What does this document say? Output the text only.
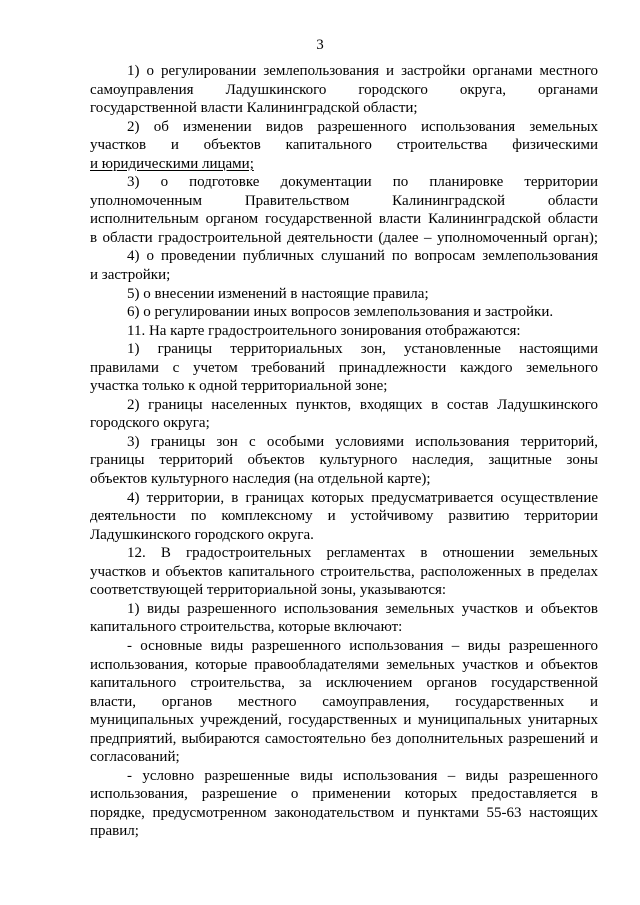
3
1) о регулировании землепользования и застройки органами местного
самоуправления Ладушкинского городского округа, органами
государственной власти Калининградской области;
2) об изменении видов разрешенного использования земельных
участков и объектов капитального строительства физическими
и юридическими лицами;
3) о подготовке документации по планировке территории
уполномоченным Правительством Калининградской области
исполнительным органом государственной власти Калининградской области
в области градостроительной деятельности (далее – уполномоченный орган);
4) о проведении публичных слушаний по вопросам землепользования
и застройки;
5) о внесении изменений в настоящие правила;
6) о регулировании иных вопросов землепользования и застройки.
11. На карте градостроительного зонирования отображаются:
1) границы территориальных зон, установленные настоящими
правилами с учетом требований принадлежности каждого земельного
участка только к одной территориальной зоне;
2) границы населенных пунктов, входящих в состав Ладушкинского
городского округа;
3) границы зон с особыми условиями использования территорий,
границы территорий объектов культурного наследия, защитные зоны
объектов культурного наследия (на отдельной карте);
4) территории, в границах которых предусматривается осуществление
деятельности по комплексному и устойчивому развитию территории
Ладушкинского городского округа.
12. В градостроительных регламентах в отношении земельных
участков и объектов капитального строительства, расположенных в пределах
соответствующей территориальной зоны, указываются:
1) виды разрешенного использования земельных участков и объектов
капитального строительства, которые включают:
- основные виды разрешенного использования – виды разрешенного
использования, которые правообладателями земельных участков и объектов
капитального строительства, за исключением органов государственной
власти, органов местного самоуправления, государственных и
муниципальных учреждений, государственных и муниципальных унитарных
предприятий, выбираются самостоятельно без дополнительных разрешений и
согласований;
- условно разрешенные виды использования – виды разрешенного
использования, разрешение о применении которых предоставляется в
порядке, предусмотренном законодательством и пунктами 55-63 настоящих
правил;
